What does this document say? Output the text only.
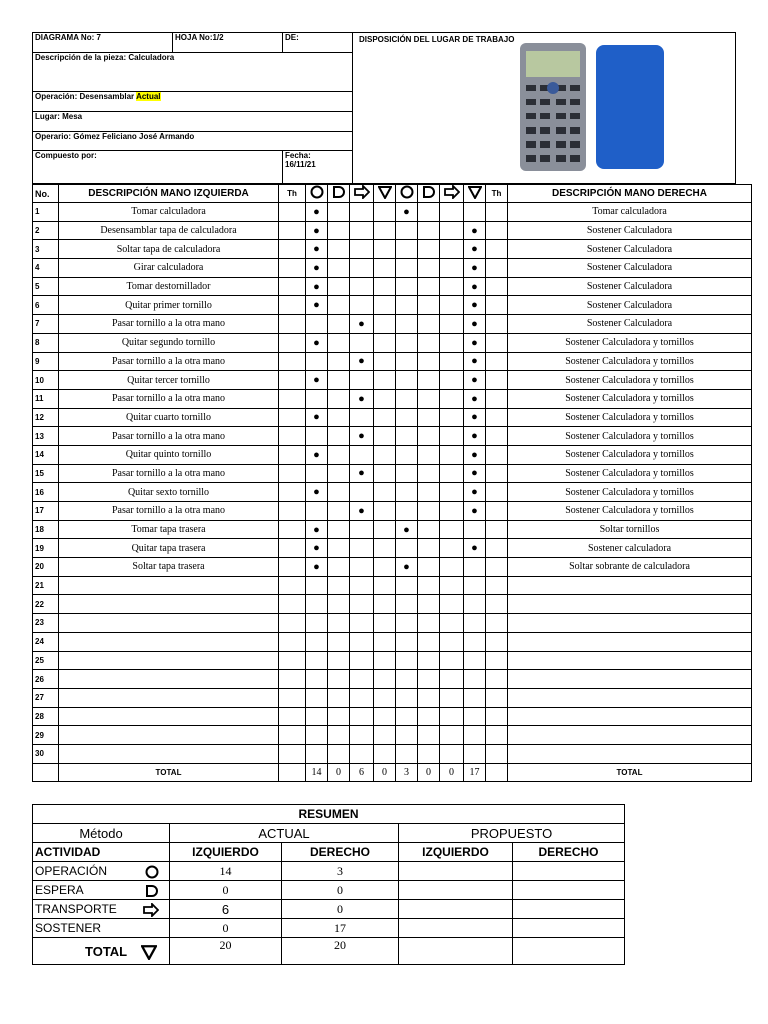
DIAGRAMA No: 7	HOJA No:1/2	DE:	DISPOSICIÓN DEL LUGAR DE TRABAJO

Descripción de la pieza: Calculadora			
Operación: Desensamblar Actual			
Lugar: Mesa			
Operario: Gómez Feliciano José Armando			
Compuesto por:		Fecha:
16/11/21	
No.	DESCRIPCIÓN MANO IZQUIERDA	Th									Th	DESCRIPCIÓN MANO DERECHA
1	Tomar calculadora		●				●					Tomar calculadora
2	Desensamblar tapa de calculadora		●							●		Sostener Calculadora
3	Soltar tapa de calculadora		●							●		Sostener Calculadora
4	Girar calculadora		●							●		Sostener Calculadora
5	Tomar destornillador		●							●		Sostener Calculadora
6	Quitar primer tornillo		●							●		Sostener Calculadora
7	Pasar tornillo a la otra mano				●					●		Sostener Calculadora
8	Quitar segundo tornillo		●							●		Sostener Calculadora y tornillos
9	Pasar tornillo a la otra mano				●					●		Sostener Calculadora y tornillos
10	Quitar tercer tornillo		●							●		Sostener Calculadora y tornillos
11	Pasar tornillo a la otra mano				●					●		Sostener Calculadora y tornillos
12	Quitar cuarto tornillo		●							●		Sostener Calculadora y tornillos
13	Pasar tornillo a la otra mano				●					●		Sostener Calculadora y tornillos
14	Quitar quinto tornillo		●							●		Sostener Calculadora y tornillos
15	Pasar tornillo a la otra mano				●					●		Sostener Calculadora y tornillos
16	Quitar sexto tornillo		●							●		Sostener Calculadora y tornillos
17	Pasar tornillo a la otra mano				●					●		Sostener Calculadora y tornillos
18	Tomar tapa trasera		●				●					Soltar tornillos
19	Quitar tapa trasera		●							●		Sostener calculadora
20	Soltar tapa trasera		●				●					Soltar sobrante de calculadora
21												
22												
23												
24												
25												
26												
27												
28												
29												
30												
	TOTAL		14	0	6	0	3	0	0	17		TOTAL
RESUMEN				
Método	ACTUAL		PROPUESTO	
ACTIVIDAD	IZQUIERDO	DERECHO	IZQUIERDO	DERECHO
OPERACIÓN	14	3		
ESPERA	0	0		
TRANSPORTE	6	0		
SOSTENER	0	17		
TOTAL	20	20		
